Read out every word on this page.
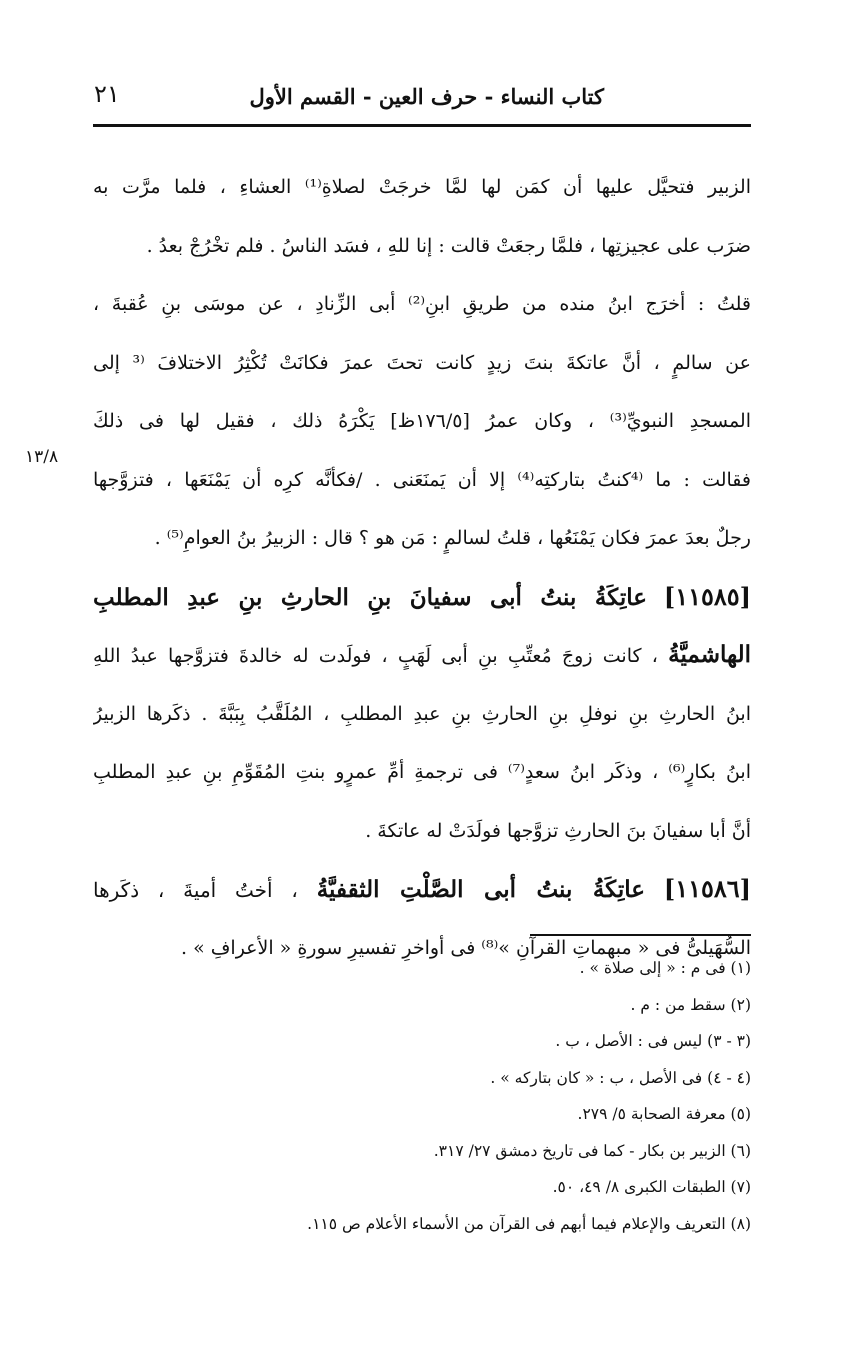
كتاب النساء - حرف العين - القسم الأول
٢١
١٣/٨
الزبير فتحيَّل عليها أن كمَن لها لمَّا خرجَتْ لصلاةِ⁽¹⁾ العشاءِ ، فلما مرَّت به
ضرَب على عجيزتِها ، فلمَّا رجعَتْ قالت : إنا للهِ ، فسَد الناسُ . فلم تخْرُجْ بعدُ .
قلتُ : أخرَج ابنُ منده من طريقِ ابنِ⁽²⁾ أبى الزِّنادِ ، عن موسَى بنِ عُقبةَ ،
عن سالمٍ ، أنَّ عاتكةَ بنتَ زيدٍ كانت تحتَ عمرَ فكانَتْ تُكْثِرُ الاختلافَ ⁽³ إلى
المسجدِ النبويِّ⁽³⁾ ، وكان عمرُ [١٧٦/٥ظ] يَكْرَهُ ذلك ، فقيل لها فى ذلكَ
فقالت : ما ⁽⁴كنتُ بتاركتِه⁽⁴⁾ إلا أن يَمنَعَنى . /فكأنَّه كرِه أن يَمْنَعَها ، فتزوَّجها
رجلٌ بعدَ عمرَ فكان يَمْنَعُها ، قلتُ لسالمٍ : مَن هو ؟ قال : الزبيرُ بنُ العوامِ⁽⁵⁾ .
[١١٥٨٥] عاتِكَةُ بنتُ أبى سفيانَ بنِ الحارثِ بنِ عبدِ المطلبِ
الهاشميَّةُ ، كانت زوجَ مُعتِّبِ بنِ أبى لَهَبٍ ، فولَدت له خالدةَ فتزوَّجها عبدُ اللهِ
ابنُ الحارثِ بنِ نوفلِ بنِ الحارثِ بنِ عبدِ المطلبِ ، المُلَقَّبُ بِبَبَّةَ . ذكَرها الزبيرُ
ابنُ بكارٍ⁽⁶⁾ ، وذكَر ابنُ سعدٍ⁽⁷⁾ فى ترجمةِ أمِّ عمرٍو بنتِ المُقَوِّمِ بنِ عبدِ المطلبِ
أنَّ أبا سفيانَ بنَ الحارثِ تزوَّجها فولَدَتْ له عاتكةَ .
[١١٥٨٦] عاتِكَةُ بنتُ أبى الصَّلْتِ الثقفيَّةُ ، أختُ أميةَ ، ذكَرها
السُّهَيلىُّ فى « مبهماتِ القرآنِ »⁽⁸⁾ فى أواخرِ تفسيرِ سورةِ « الأعرافِ » .
(١) فى م : « إلى صلاة » .
(٢) سقط من : م .
(٣ - ٣) ليس فى : الأصل ، ب .
(٤ - ٤) فى الأصل ، ب : « كان بتاركه » .
(٥) معرفة الصحابة ٥/ ٢٧٩.
(٦) الزبير بن بكار - كما فى تاريخ دمشق ٢٧/ ٣١٧.
(٧) الطبقات الكبرى ٨/ ٤٩، ٥٠.
(٨) التعريف والإعلام فيما أبهم فى القرآن من الأسماء الأعلام ص ١١٥.
